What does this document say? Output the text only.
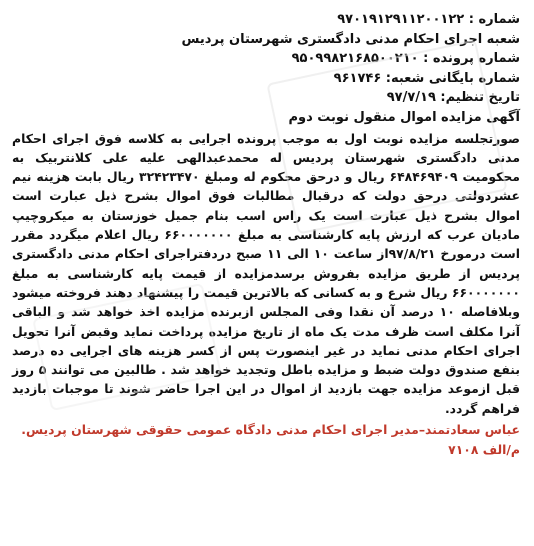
شماره : ۹۷۰۱۹۱۲۹۱۱۲۰۰۱۲۲
شعبه اجرای احکام مدنی دادگستری شهرستان پردیس
شماره پرونده : ۹۵۰۹۹۸۲۱۶۸۵۰۰۲۱۰
شماره بایگانی شعبه: ۹۶۱۷۴۶
تاریخ تنظیم: ۹۷/۷/۱۹
آگهی مزایده اموال منقول نوبت دوم
صورتجلسه مزایده نوبت اول به موجب پرونده اجرایی به کلاسه فوق اجرای احکام مدنی دادگستری شهرستان پردیس له محمدعبدالهی علیه علی کلانتربیک به محکومیت ۶۴۸۴۶۹۴۰۹ ریال و درحق محکوم له ومبلغ ۳۲۴۲۳۴۷۰ ریال بابت هزینه نیم عشردولتی درحق دولت که درقبال مطالبات فوق اموال بشرح ذیل عبارت است اموال بشرح ذیل عبارت است یک راس اسب بنام جمیل خوزستان به میکروچیپ مادیان عرب که ارزش پایه کارشناسی به مبلغ ۶۶۰۰۰۰۰۰۰ ریال اعلام میگردد مقرر است درمورخ ۹۷/۸/۲۱از ساعت ۱۰ الی ۱۱ صبح دردفتراجرای احکام مدنی دادگستری پردیس از طریق مزایده بفروش برسدمزایده از قیمت پایه کارشناسی به مبلغ ۶۶۰۰۰۰۰۰۰ ریال شرع و به کسانی که بالاترین قیمت را پیشنهاد دهند فروخته میشود وبلافاصله ۱۰ درصد آن نقدا وفی المجلس ازبرنده مزایده اخذ خواهد شد و الباقی آنرا مکلف است ظرف مدت یک ماه از تاریخ مزایده پرداخت نماید وقبض آنرا تحویل اجرای احکام مدنی نماید در غیر اینصورت پس از کسر هزینه های اجرایی ده درصد بنفع صندوق دولت ضبط و مزایده باطل وتجدید خواهد شد . طالبین می توانند ۵ روز قبل ازموعد مزایده جهت بازدید از اموال در این اجرا حاضر شوند تا موجبات بازدید فراهم گردد.
عباس سعادتمند–مدیر اجرای احکام مدنی دادگاه عمومی حقوقی شهرستان پردیس.
م/الف ۷۱۰۸
